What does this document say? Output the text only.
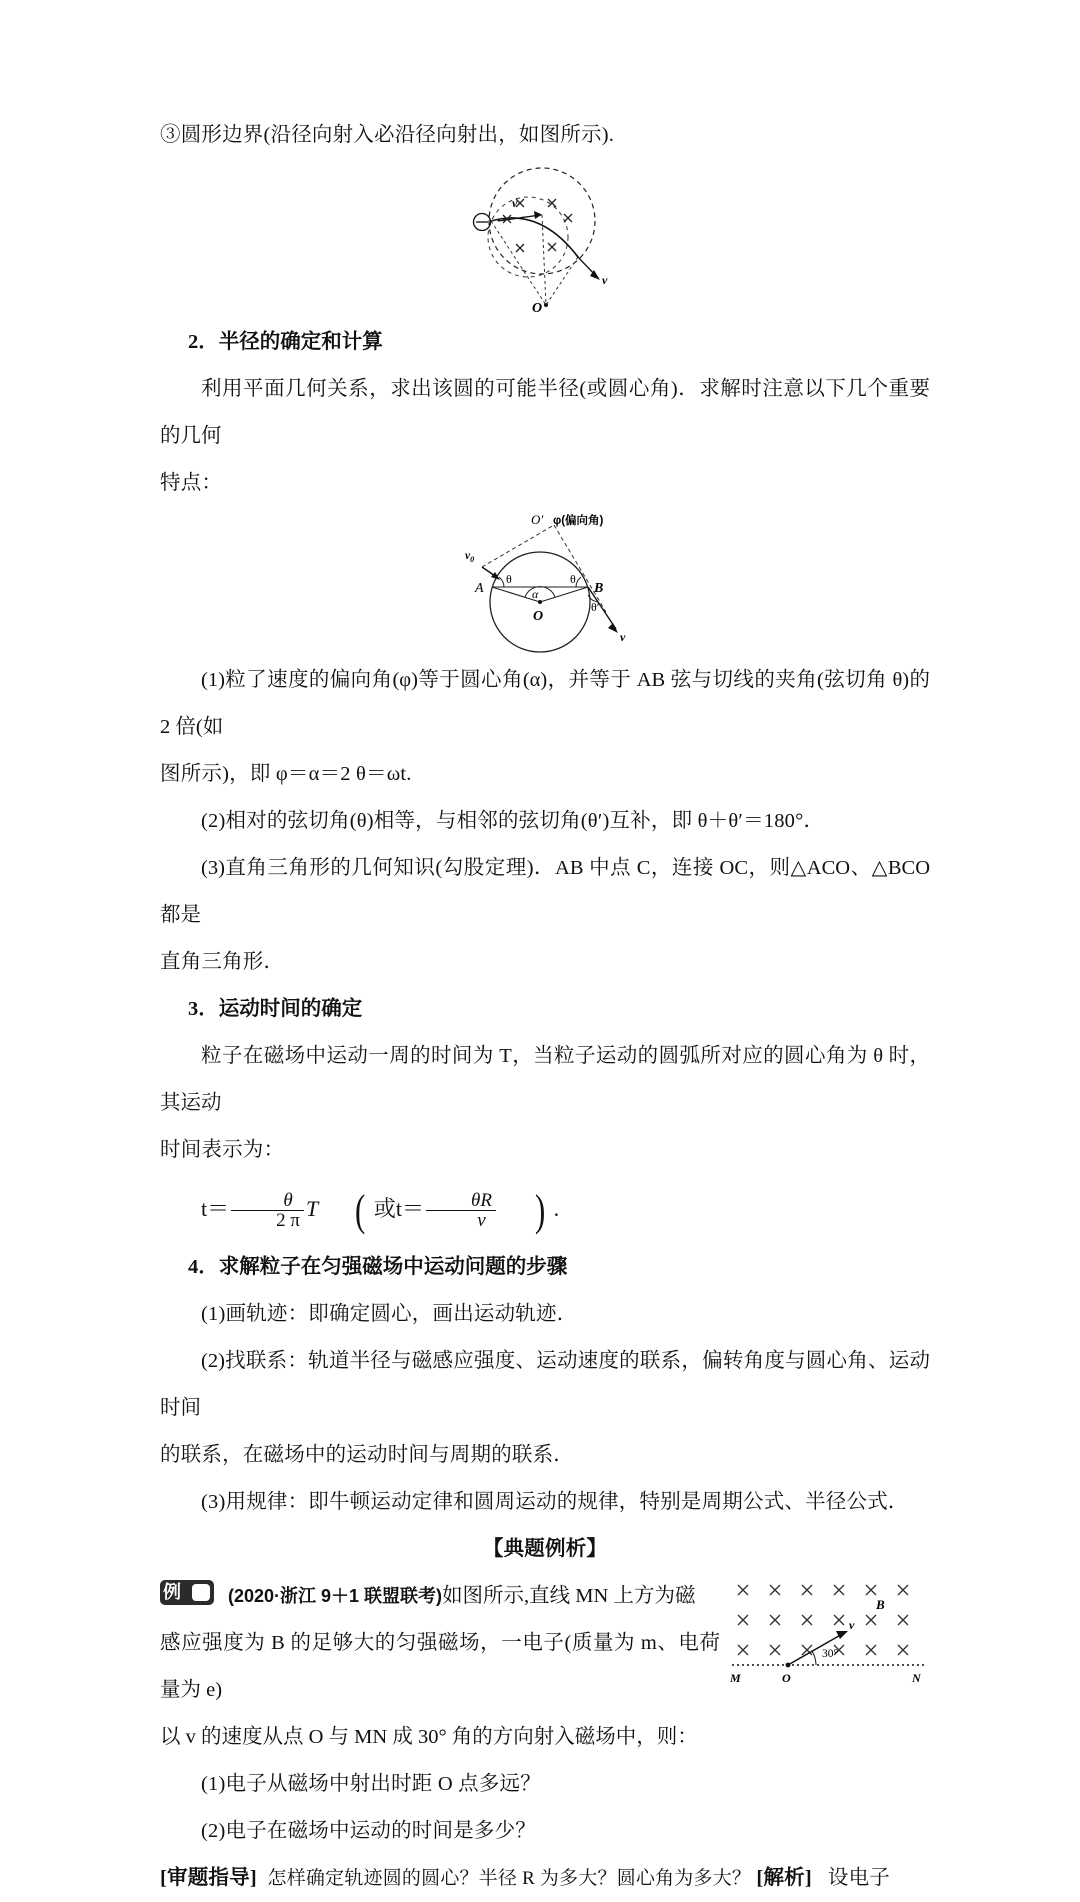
③圆形边界(沿径向射入必沿径向射出，如图所示).
v
v
O
2．半径的确定和计算
利用平面几何关系，求出该圆的可能半径(或圆心角)．求解时注意以下几个重要的几何
特点：
O′ φ(偏向角)
$v_0$
A	B
θ	θ
α
O
θ′
v
(1)粒了速度的偏向角(φ)等于圆心角(α)，并等于 AB 弦与切线的夹角(弦切角 θ)的 2 倍(如
图所示)，即 φ＝α＝2 θ＝ωt.
(2)相对的弦切角(θ)相等，与相邻的弦切角(θ′)互补，即 θ＋θ′＝180°．
(3)直角三角形的几何知识(勾股定理)．AB 中点 C，连接 OC，则△ACO、△BCO 都是
直角三角形．
3．运动时间的确定
粒子在磁场中运动一周的时间为 T，当粒子运动的圆弧所对应的圆心角为 θ 时，其运动
时间表示为：
$t= \frac{\theta}{2 \pi}$ T ( 或$t= \frac{\theta R}{v}$ ) .
4．求解粒子在匀强磁场中运动问题的步骤
(1)画轨迹：即确定圆心，画出运动轨迹．
(2)找联系：轨道半径与磁感应强度、运动速度的联系，偏转角度与圆心角、运动时间
的联系，在磁场中的运动时间与周期的联系．
(3)用规律：即牛顿运动定律和圆周运动的规律，特别是周期公式、半径公式．
【典题例析】
v
B
30°
M	O	N
例	(2020·浙江 9＋1 联盟联考)如图所示,直线 MN 上方为磁
感应强度为 B 的足够大的匀强磁场，一电子(质量为 m、电荷量为 e)
以 v 的速度从点 O 与 MN 成 30° 角的方向射入磁场中，则：
(1)电子从磁场中射出时距 O 点多远？
(2)电子在磁场中运动的时间是多少？
[审题指导] 怎样确定轨迹圆的圆心？半径 R 为多大？圆心角为多大？ [解析] 设电子
